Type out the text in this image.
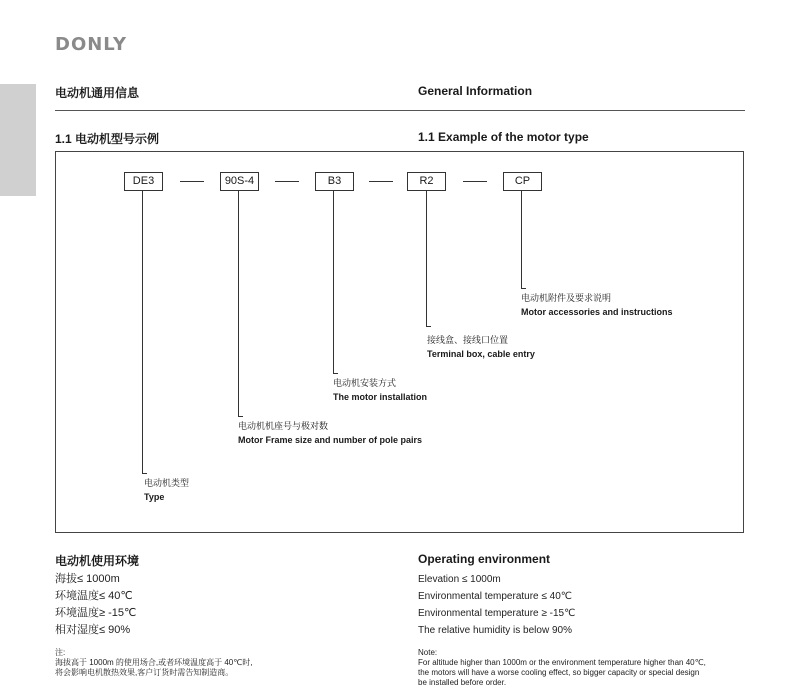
DONLY
电动机通用信息	General Information
1.1 电动机型号示例	1.1 Example of the motor type
DE3	90S-4	B3	R2	CP
电动机类型
Type
电动机机座号与极对数
Motor Frame size and number of pole pairs
电动机安装方式
The motor installation
接线盒、接线口位置
Terminal box, cable entry
电动机附件及要求说明
Motor accessories and instructions
电动机使用环境	Operating environment
海拔≤ 1000m
环境温度≤ 40℃
环境温度≥ -15℃
相对湿度≤ 90%
Elevation ≤ 1000m
Environmental temperature ≤ 40℃
Environmental temperature ≥ -15℃
The relative humidity is below 90%
注:
海拔高于 1000m 的使用场合,或者环境温度高于 40℃时,
将会影响电机散热效果,客户订货时需告知制造商。
Note:
For altitude higher than 1000m or the environment temperature higher than 40℃,
the motors will have a worse cooling effect, so bigger capacity or special design
be installed before order.
